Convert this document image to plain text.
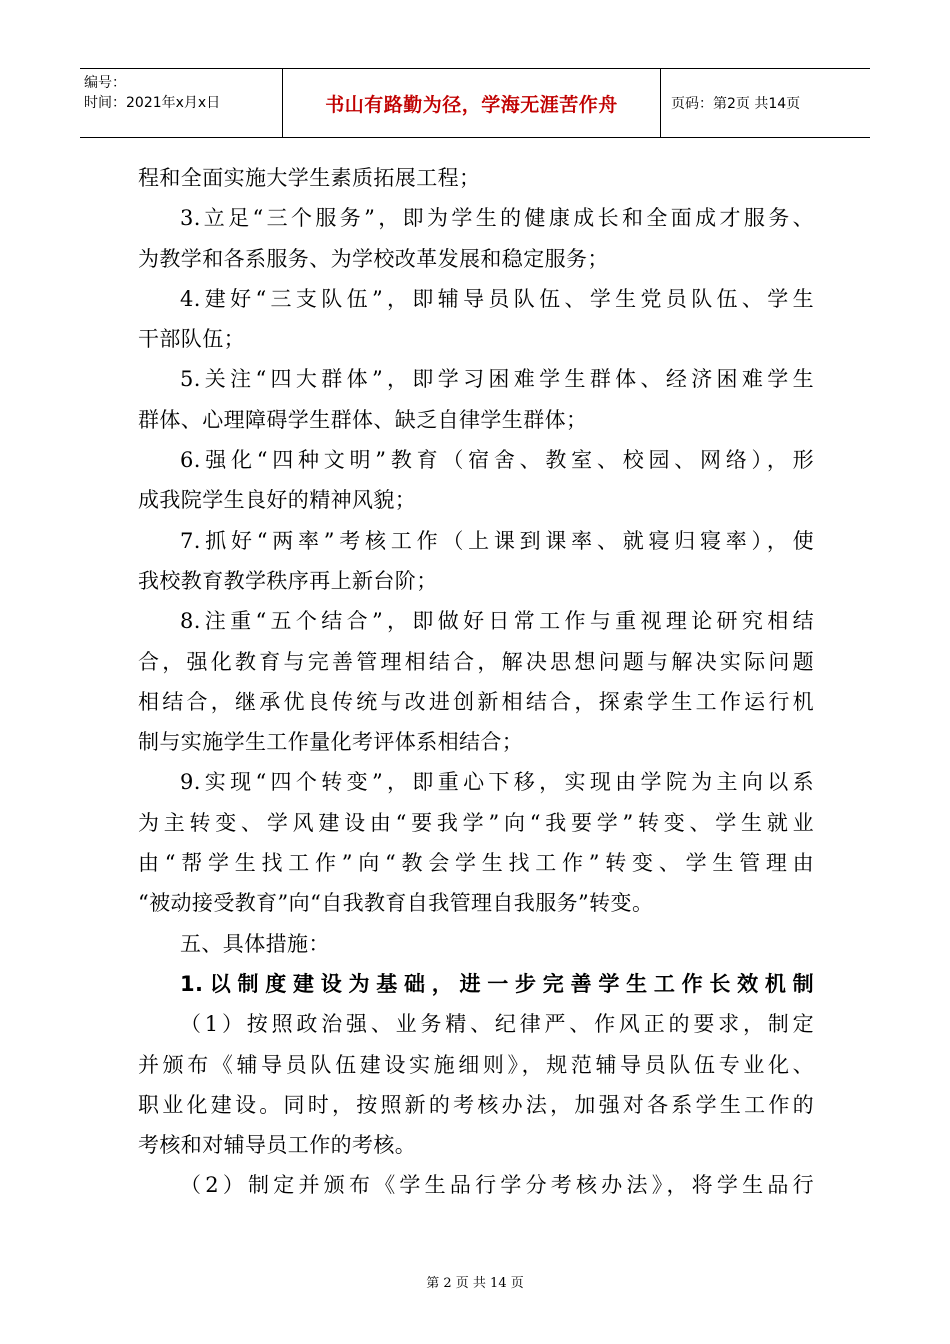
编号：
时间：2021年x月x日	书山有路勤为径，学海无涯苦作舟	页码：第2页 共14页
程和全面实施大学生素质拓展工程；
3.立足“三个服务”，即为学生的健康成长和全面成才服务、
为教学和各系服务、为学校改革发展和稳定服务；
4.建好“三支队伍”，即辅导员队伍、学生党员队伍、学生
干部队伍；
5.关注“四大群体”，即学习困难学生群体、经济困难学生
群体、心理障碍学生群体、缺乏自律学生群体；
6.强化“四种文明”教育（宿舍、教室、校园、网络），形
成我院学生良好的精神风貌；
7.抓好“两率”考核工作（上课到课率、就寝归寝率），使
我校教育教学秩序再上新台阶；
8.注重“五个结合”，即做好日常工作与重视理论研究相结
合，强化教育与完善管理相结合，解决思想问题与解决实际问题
相结合，继承优良传统与改进创新相结合，探索学生工作运行机
制与实施学生工作量化考评体系相结合；
9.实现“四个转变”，即重心下移，实现由学院为主向以系
为主转变、学风建设由“要我学”向“我要学”转变、学生就业
由“帮学生找工作”向“教会学生找工作”转变、学生管理由
“被动接受教育”向“自我教育自我管理自我服务”转变。
五、具体措施：
1.以制度建设为基础，进一步完善学生工作长效机制
（1）按照政治强、业务精、纪律严、作风正的要求，制定
并颁布《辅导员队伍建设实施细则》，规范辅导员队伍专业化、
职业化建设。同时，按照新的考核办法，加强对各系学生工作的
考核和对辅导员工作的考核。
（2）制定并颁布《学生品行学分考核办法》，将学生品行
第 2 页 共 14 页
